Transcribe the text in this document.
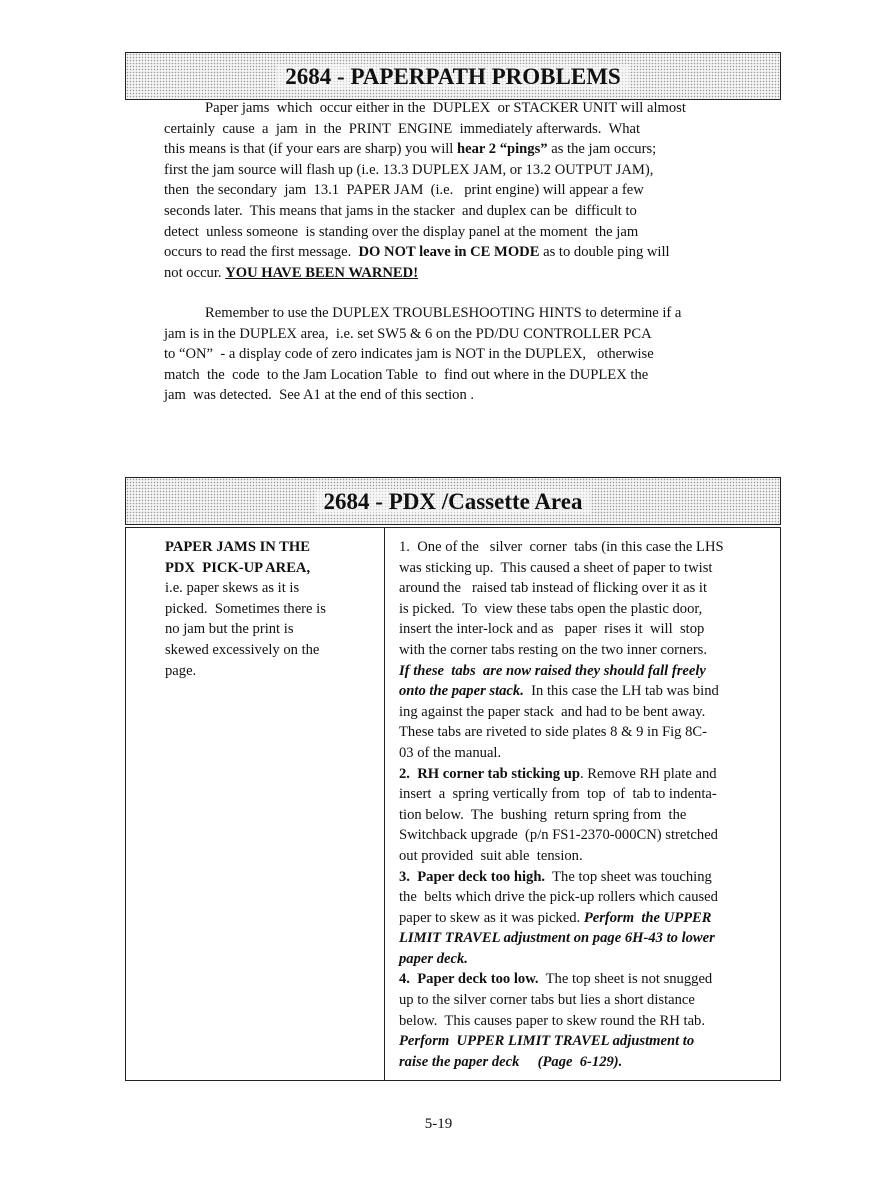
2684 - PAPERPATH PROBLEMS
Paper jams  which  occur either in the  DUPLEX  or STACKER UNIT will almost
certainly  cause  a  jam  in  the  PRINT  ENGINE  immediately afterwards.  What
this means is that (if your ears are sharp) you will hear 2 “pings” as the jam occurs;
first the jam source will flash up (i.e. 13.3 DUPLEX JAM, or 13.2 OUTPUT JAM),
then  the secondary  jam  13.1  PAPER JAM  (i.e.   print engine) will appear a few
seconds later.  This means that jams in the stacker  and duplex can be  difficult to
detect  unless someone  is standing over the display panel at the moment  the jam
occurs to read the first message.  DO NOT leave in CE MODE as to double ping will
not occur. YOU HAVE BEEN WARNED!
Remember to use the DUPLEX TROUBLESHOOTING HINTS to determine if a
jam is in the DUPLEX area,  i.e. set SW5 & 6 on the PD/DU CONTROLLER PCA
to “ON”  - a display code of zero indicates jam is NOT in the DUPLEX,   otherwise
match  the  code  to the Jam Location Table  to  find out where in the DUPLEX the
jam  was detected.  See A1 at the end of this section .
2684 - PDX /Cassette Area
PAPER JAMS IN THE
PDX  PICK-UP AREA,
i.e. paper skews as it is
picked.  Sometimes there is
no jam but the print is
skewed excessively on the
page.
1.  One of the   silver  corner  tabs (in this case the LHS
was sticking up.  This caused a sheet of paper to twist
around the   raised tab instead of flicking over it as it
is picked.  To  view these tabs open the plastic door,
insert the inter-lock and as   paper  rises it  will  stop
with the corner tabs resting on the two inner corners.
If these  tabs  are now raised they should fall freely
onto the paper stack.  In this case the LH tab was bind
ing against the paper stack  and had to be bent away.
These tabs are riveted to side plates 8 & 9 in Fig 8C-
03 of the manual.
2.  RH corner tab sticking up. Remove RH plate and
insert  a  spring vertically from  top  of  tab to indenta-
tion below.  The  bushing  return spring from  the
Switchback upgrade  (p/n FS1-2370-000CN) stretched
out provided  suit able  tension.
3.  Paper deck too high.  The top sheet was touching
the  belts which drive the pick-up rollers which caused
paper to skew as it was picked. Perform  the UPPER
LIMIT TRAVEL adjustment on page 6H-43 to lower
paper deck.
4.  Paper deck too low.  The top sheet is not snugged
up to the silver corner tabs but lies a short distance
below.  This causes paper to skew round the RH tab.
Perform  UPPER LIMIT TRAVEL adjustment to
raise the paper deck     (Page  6-129).
5-19
